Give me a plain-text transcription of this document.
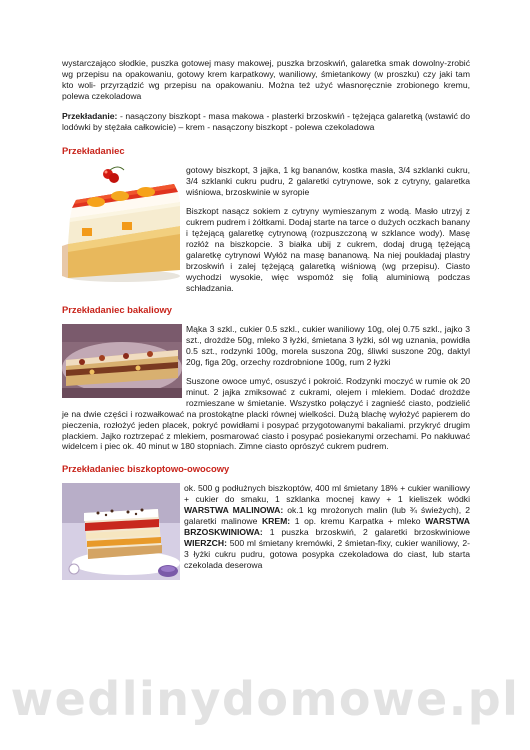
wystarczająco słodkie, puszka gotowej masy makowej, puszka brzoskwiń, galaretka smak dowolny-zrobić wg przepisu na opakowaniu, gotowy krem karpatkowy, waniliowy, śmietankowy (w proszku) czy jaki tam kto woli- przyrządzić wg przepisu na opakowaniu. Można też użyć własnoręcznie zrobionego kremu, polewa czekoladowa

Przekładanie: - nasączony biszkopt - masa makowa - plasterki brzoskwiń - tężejąca galaretką (wstawić do lodówki by stężała całkowicie) – krem - nasączony biszkopt - polewa czekoladowa

Przekładaniec

gotowy biszkopt, 3 jajka, 1 kg bananów, kostka masła, 3/4 szklanki cukru, 3/4 szklanki cukru pudru, 2 galaretki cytrynowe, sok z cytryny, galaretka wiśniowa, brzoskwinie w syropie

Biszkopt nasącz sokiem z cytryny wymieszanym z wodą. Masło utrzyj z cukrem pudrem i żółtkami. Dodaj starte na tarce o dużych oczkach banany i tężejącą galaretkę cytrynową (rozpuszczoną w szklance wody). Masę rozłóż na biszkopcie. 3 białka ubij z cukrem, dodaj drugą tężejącą galaretkę cytrynowi Wyłóż na masę bananową. Na niej poukładaj plastry brzoskwiń i zalej tężejącą galaretką wiśniową (wg przepisu). Ciasto wychodzi wysokie, więc wspomóż się folią aluminiową podczas schładzania.

Przekładaniec bakaliowy

Mąka 3 szkl., cukier 0.5 szkl., cukier waniliowy 10g, olej 0.75 szkl., jajko 3 szt., drożdże 50g, mleko 3 łyżki, śmietana 3 łyżki, sól wg uznania, powidła 0.5 szt., rodzynki 100g, morela suszona 20g, śliwki suszone 20g, daktyl 20g, figa 20g, orzechy rozdrobnione 100g, rum 2 łyżki

Suszone owoce umyć, osuszyć i pokroić. Rodzynki moczyć w rumie ok 20 minut. 2 jajka zmiksować z cukrami, olejem i mlekiem. Dodać drożdże rozmieszane w śmietanie. Wszystko połączyć i zagnieść ciasto, podzielić je na dwie części i rozwałkować na prostokątne placki równej wielkości. Dużą blachę wyłożyć papierem do pieczenia, rozłożyć jeden placek, pokryć powidłami i posypać przygotowanymi bakaliami. przykryć drugim plackiem. Jajko roztrzepać z mlekiem, posmarować ciasto i posypać posiekanymi orzechami. Po nakłuwać widelcem i piec ok. 40 minut w 180 stopniach. Zimne ciasto oprószyć cukrem pudrem.

Przekładaniec biszkoptowo-owocowy

ok. 500 g podłużnych biszkoptów, 400 ml śmietany 18% + cukier waniliowy + cukier do smaku, 1 szklanka mocnej kawy + 1 kieliszek wódki WARSTWA MALINOWA: ok.1 kg mrożonych malin (lub ¾ świeżych), 2 galaretki malinowe KREM: 1 op. kremu Karpatka + mleko WARSTWA BRZOSKWINIOWA: 1 puszka brzoskwiń, 2 galaretki brzoskwiniowe WIERZCH: 500 ml śmietany kremówki, 2 śmietan-fixy, cukier waniliowy, 2-3 łyżki cukru pudru, gotowa posypka czekoladowa do ciast, lub starta czekolada deserowa

wedlinydomowe.pl
